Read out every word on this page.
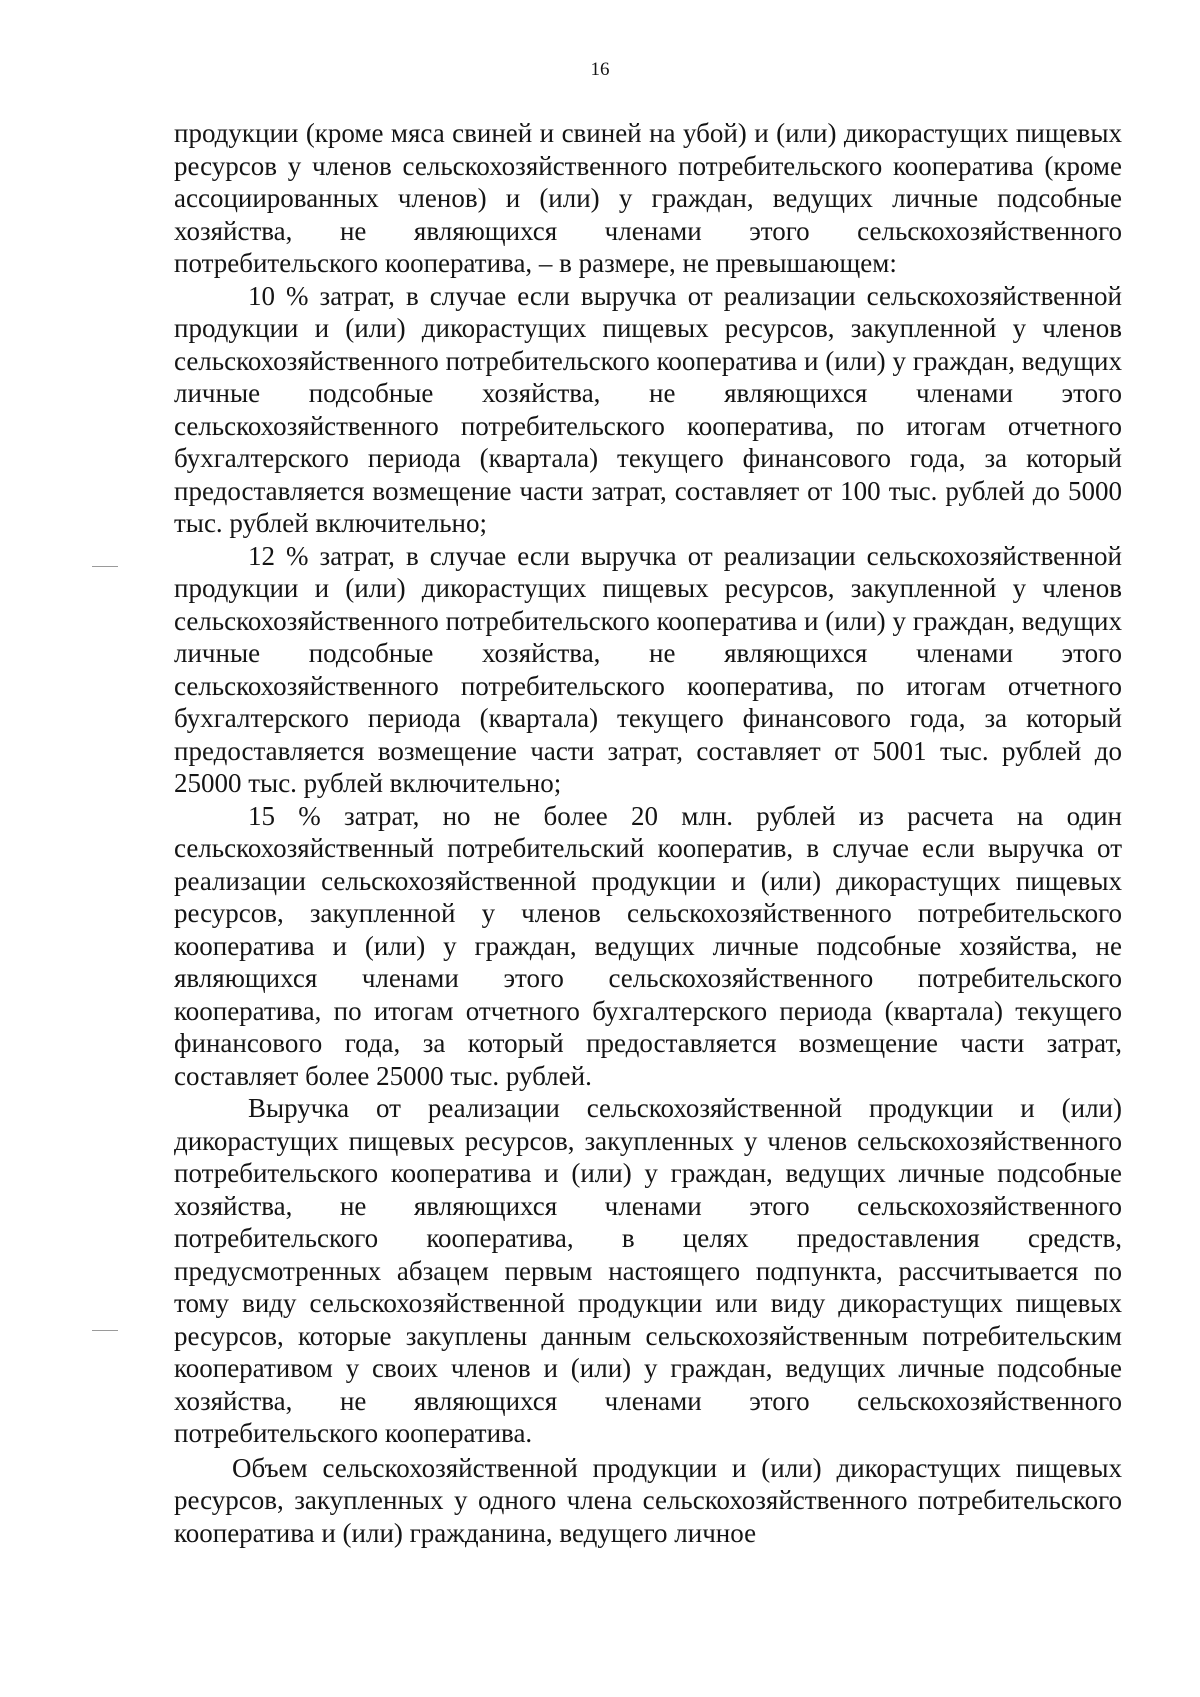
16

продукции (кроме мяса свиней и свиней на убой) и (или) дикорастущих пищевых ресурсов у членов сельскохозяйственного потребительского кооператива (кроме ассоциированных членов) и (или) у граждан, ведущих личные подсобные хозяйства, не являющихся членами этого сельскохозяйственного потребительского кооператива, – в размере, не превышающем:

10 % затрат, в случае если выручка от реализации сельскохозяйственной продукции и (или) дикорастущих пищевых ресурсов, закупленной у членов сельскохозяйственного потребительского кооператива и (или) у граждан, ведущих личные подсобные хозяйства, не являющихся членами этого сельскохозяйственного потребительского кооператива, по итогам отчетного бухгалтерского периода (квартала) текущего финансового года, за который предоставляется возмещение части затрат, составляет от 100 тыс. рублей до 5000 тыс. рублей включительно;

12 % затрат, в случае если выручка от реализации сельскохозяйственной продукции и (или) дикорастущих пищевых ресурсов, закупленной у членов сельскохозяйственного потребительского кооператива и (или) у граждан, ведущих личные подсобные хозяйства, не являющихся членами этого сельскохозяйственного потребительского кооператива, по итогам отчетного бухгалтерского периода (квартала) текущего финансового года, за который предоставляется возмещение части затрат, составляет от 5001 тыс. рублей до 25000 тыс. рублей включительно;

15 % затрат, но не более 20 млн. рублей из расчета на один сельскохозяйственный потребительский кооператив, в случае если выручка от реализации сельскохозяйственной продукции и (или) дикорастущих пищевых ресурсов, закупленной у членов сельскохозяйственного потребительского кооператива и (или) у граждан, ведущих личные подсобные хозяйства, не являющихся членами этого сельскохозяйственного потребительского кооператива, по итогам отчетного бухгалтерского периода (квартала) текущего финансового года, за который предоставляется возмещение части затрат, составляет более 25000 тыс. рублей.

Выручка от реализации сельскохозяйственной продукции и (или) дикорастущих пищевых ресурсов, закупленных у членов сельскохозяйственного потребительского кооператива и (или) у граждан, ведущих личные подсобные хозяйства, не являющихся членами этого сельскохозяйственного потребительского кооператива, в целях предоставления средств, предусмотренных абзацем первым настоящего подпункта, рассчитывается по тому виду сельскохозяйственной продукции или виду дикорастущих пищевых ресурсов, которые закуплены данным сельскохозяйственным потребительским кооперативом у своих членов и (или) у граждан, ведущих личные подсобные хозяйства, не являющихся членами этого сельскохозяйственного потребительского кооператива.

Объем сельскохозяйственной продукции и (или) дикорастущих пищевых ресурсов, закупленных у одного члена сельскохозяйственного потребительского кооператива и (или) гражданина, ведущего личное
